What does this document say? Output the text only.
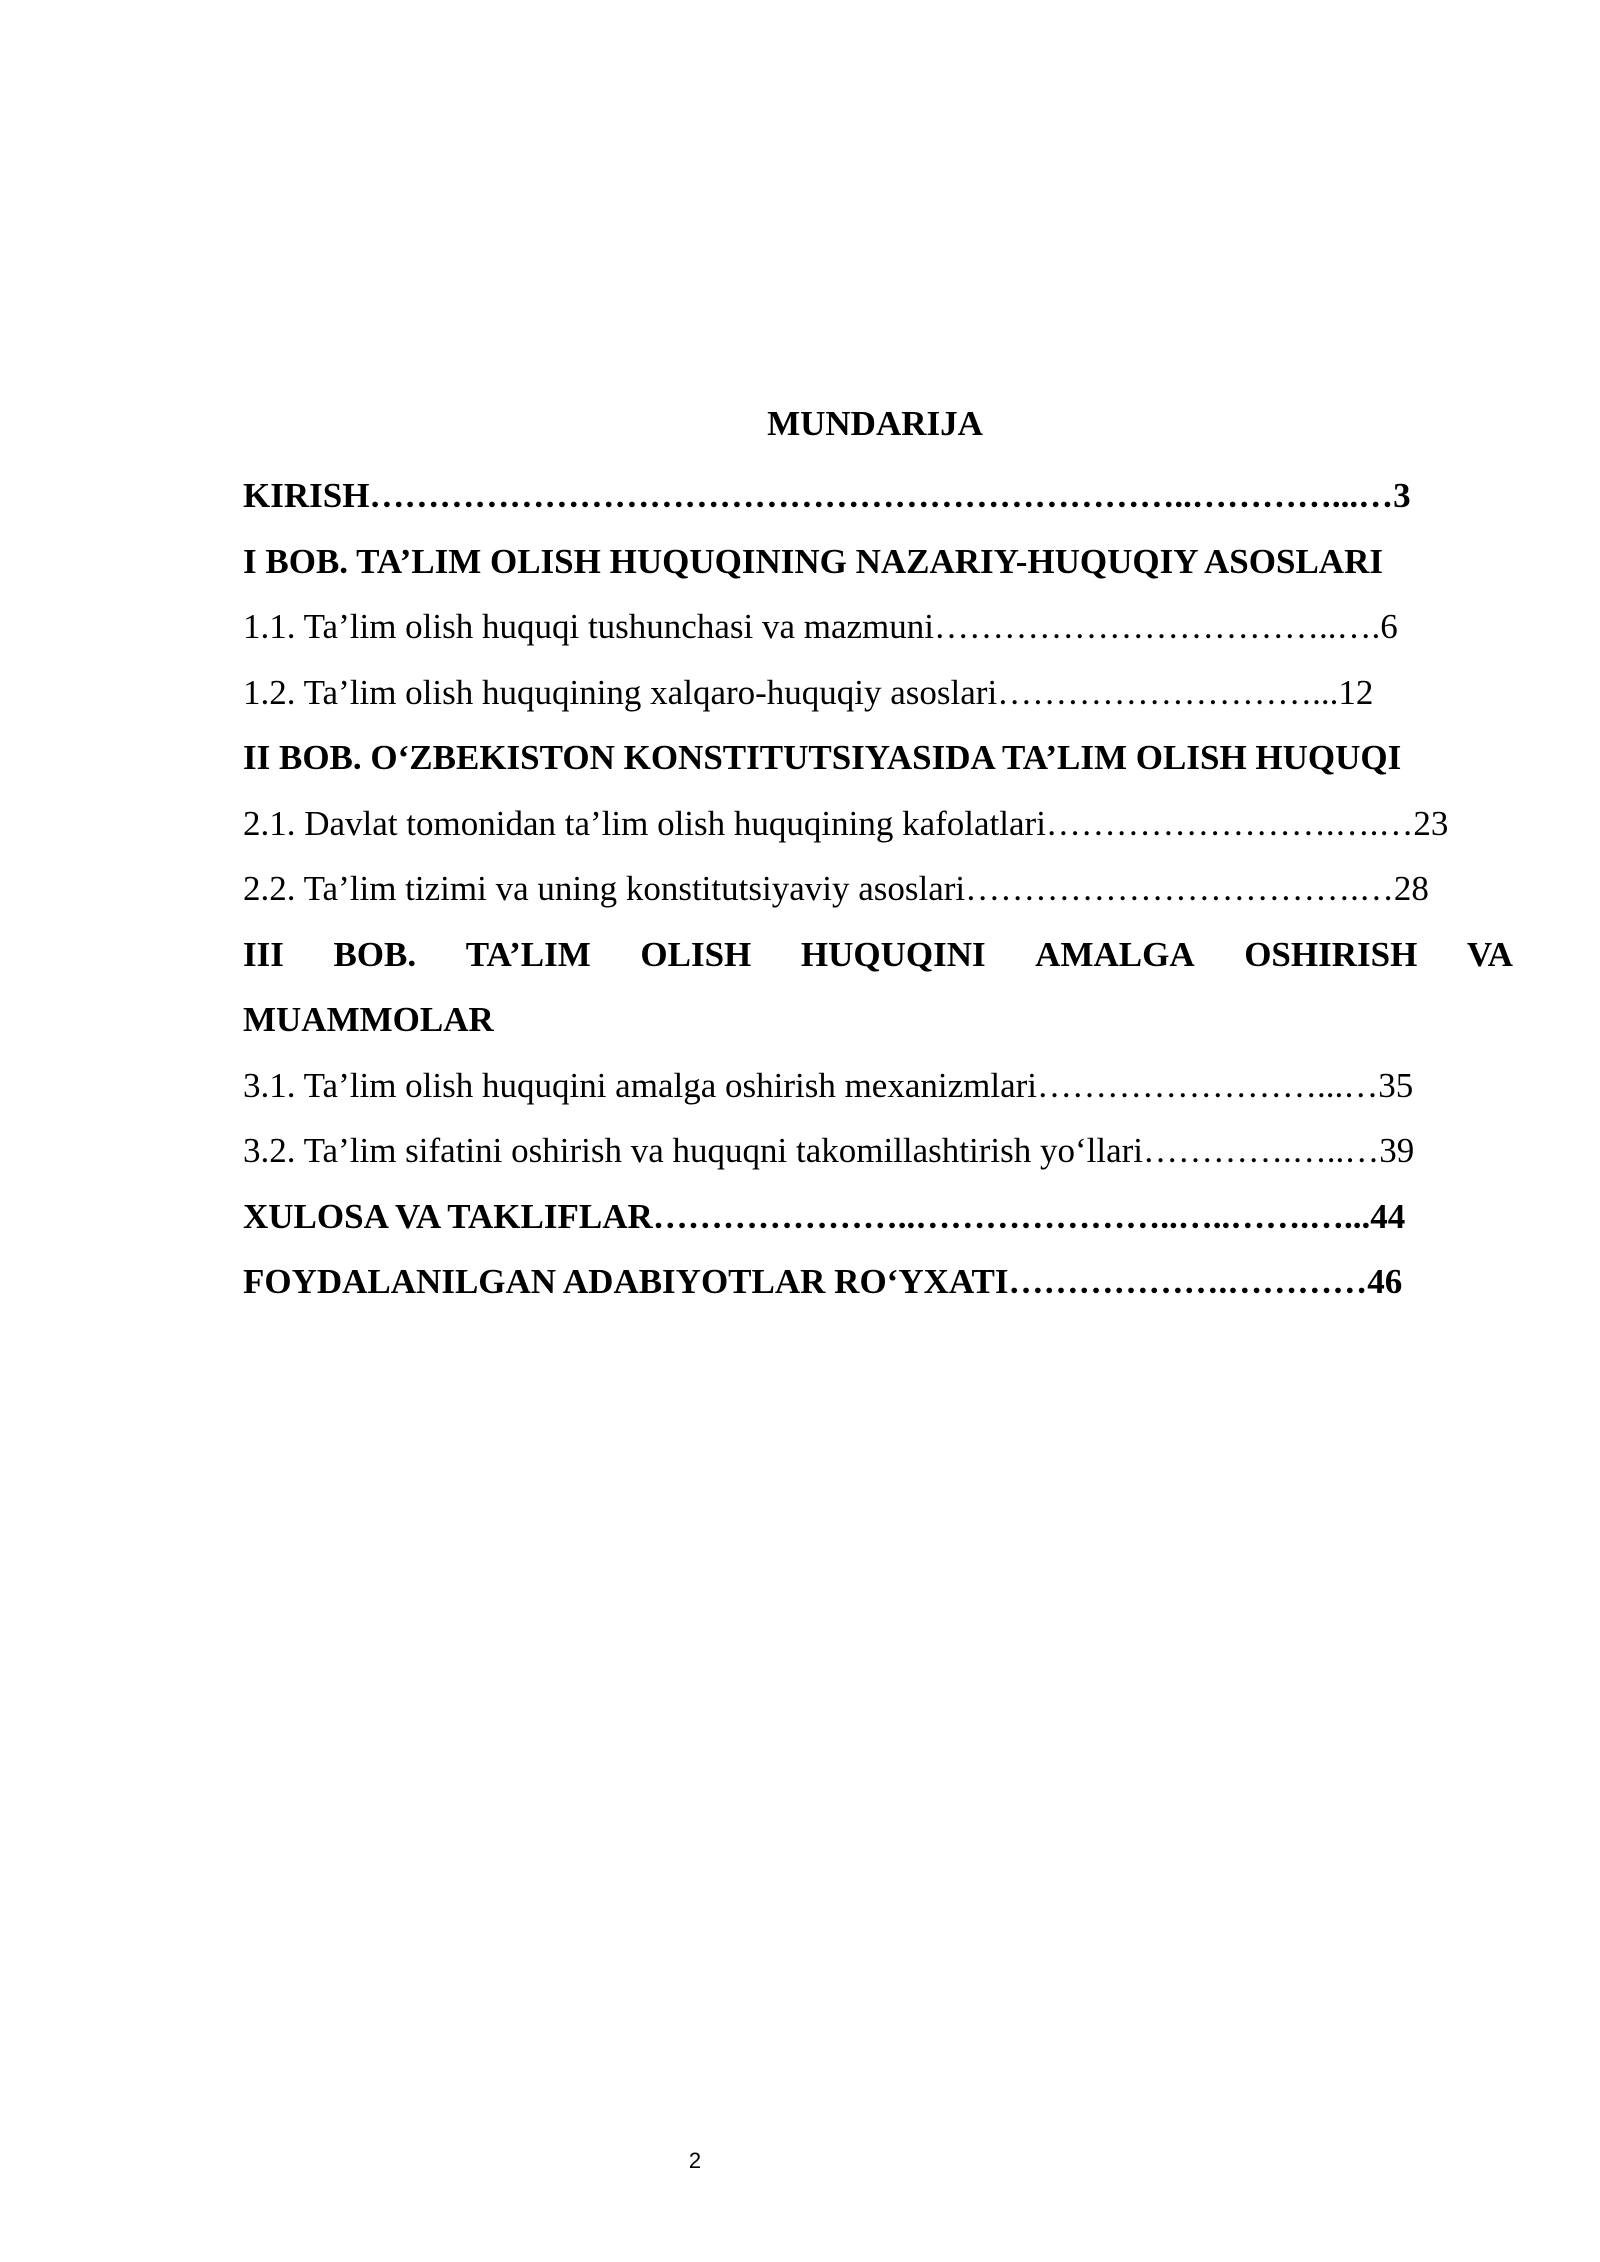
MUNDARIJA
KIRISH……………………………………………………………..…………...…3
I BOB. TA’LIM OLISH HUQUQINING NAZARIY-HUQUQIY ASOSLARI
1.1. Ta’lim olish huquqi tushunchasi va mazmuni……………………………..….6
1.2. Ta’lim olish huquqining xalqaro-huquqiy asoslari………………………...12
II BOB. O‘ZBEKISTON KONSTITUTSIYASIDA TA’LIM OLISH HUQUQI
2.1. Davlat tomonidan ta’lim olish huquqining kafolatlari…………………….….…23
2.2. Ta’lim tizimi va uning konstitutsiyaviy asoslari…………………………….…28
III BOB. TA’LIM OLISH HUQUQINI AMALGA OSHIRISH VA
MUAMMOLAR
3.1. Ta’lim olish huquqini amalga oshirish mexanizmlari……………………...…35
3.2. Ta’lim sifatini oshirish va huquqni takomillashtirish yo‘llari………….…..…39
XULOSA VA TAKLIFLAR…………………..…………………..…..…….…...44
FOYDALANILGAN ADABIYOTLAR RO‘YXATI……………….…………46
2
